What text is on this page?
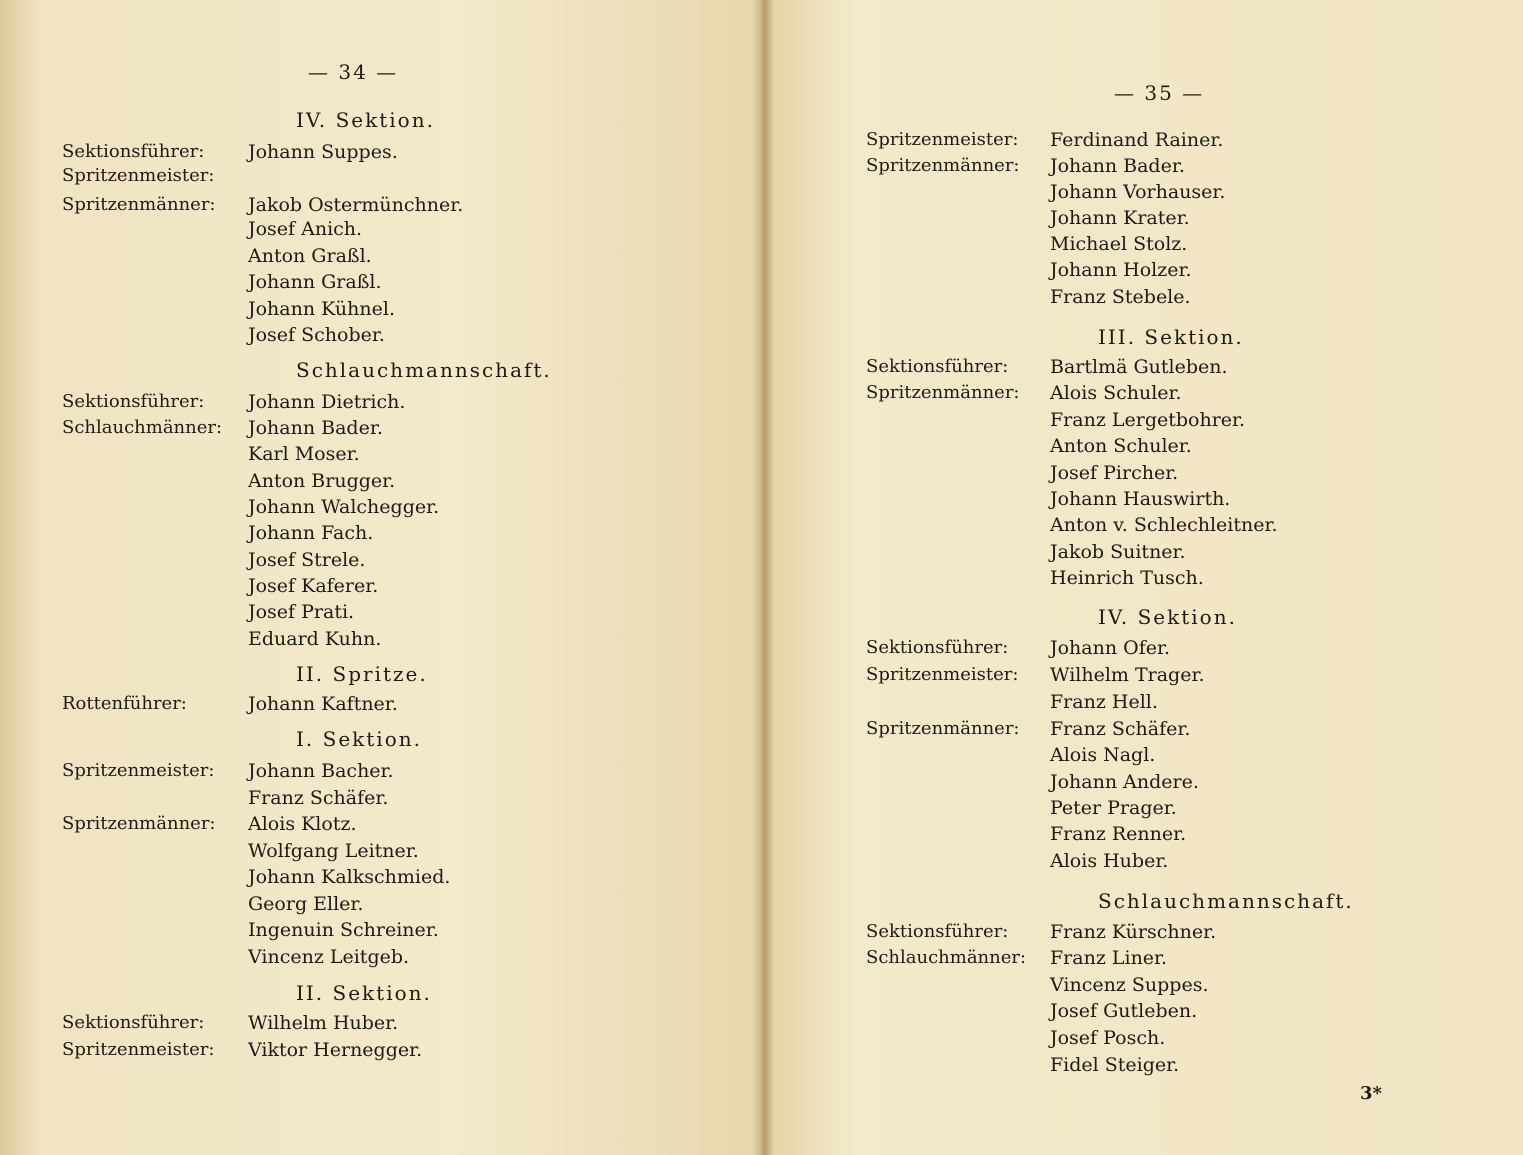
— 34 —
IV. Sektion.
Sektionsführer: Johann Suppes.
Spritzenmeister:
Spritzenmänner: Jakob Ostermünchner.
Josef Anich.
Anton Graßl.
Johann Graßl.
Johann Kühnel.
Josef Schober.
Schlauchmannschaft.
Sektionsführer: Johann Dietrich.
Schlauchmänner: Johann Bader.
Karl Moser.
Anton Brugger.
Johann Walchegger.
Johann Fach.
Josef Strele.
Josef Kaferer.
Josef Prati.
Eduard Kuhn.
II. Spritze.
Rottenführer:	Johann Kaftner.
I. Sektion.
Spritzenmeister: Johann Bacher.
Franz Schäfer.
Spritzenmänner: Alois Klotz.
Wolfgang Leitner.
Johann Kalkschmied.
Georg Eller.
Ingenuin Schreiner.
Vincenz Leitgeb.
II. Sektion.
Sektionsführer: Wilhelm Huber.
Spritzenmeister: Viktor Hernegger.
— 35 —
Spritzenmeister: Ferdinand Rainer.
Spritzenmänner: Johann Bader.
Johann Vorhauser.
Johann Krater.
Michael Stolz.
Johann Holzer.
Franz Stebele.
III. Sektion.
Sektionsführer: Bartlmä Gutleben.
Spritzenmänner: Alois Schuler.
Franz Lergetbohrer.
Anton Schuler.
Josef Pircher.
Johann Hauswirth.
Anton v. Schlechleitner.
Jakob Suitner.
Heinrich Tusch.
IV. Sektion.
Sektionsführer: Johann Ofer.
Spritzenmeister: Wilhelm Trager.
Franz Hell.
Spritzenmänner: Franz Schäfer.
Alois Nagl.
Johann Andere.
Peter Prager.
Franz Renner.
Alois Huber.
Schlauchmannschaft.
Sektionsführer: Franz Kürschner.
Schlauchmänner: Franz Liner.
Vincenz Suppes.
Josef Gutleben.
Josef Posch.
Fidel Steiger.
3*
